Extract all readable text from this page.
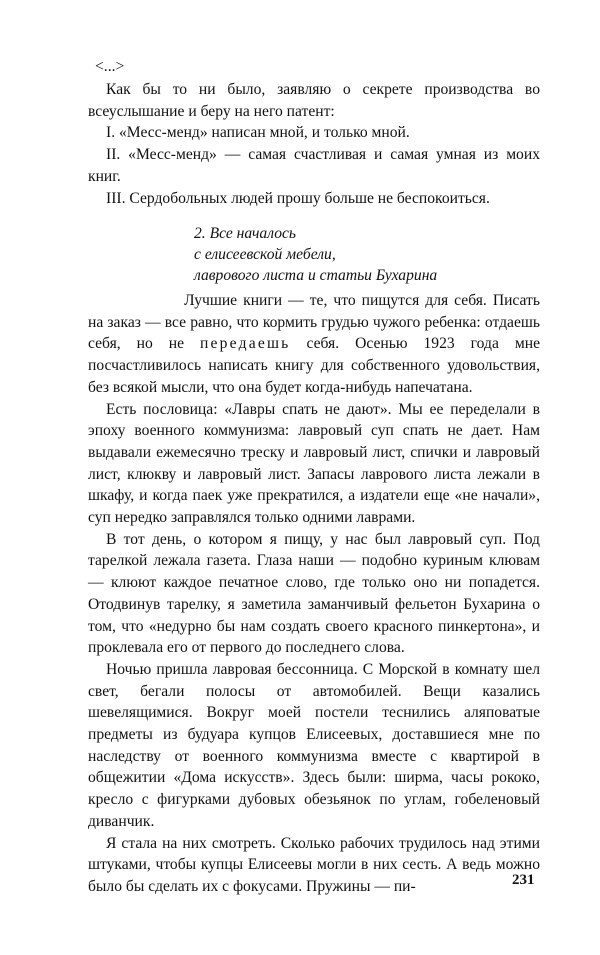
<...>

Как бы то ни было, заявляю о секрете производства во всеуслышание и беру на него патент:

I. «Месс-менд» написан мной, и только мной.

II. «Месс-менд» — самая счастливая и самая умная из моих книг.

III. Сердобольных людей прошу больше не беспокоиться.

2. Все началось
с елисеевской мебели,
лаврового листа и статьи Бухарина

Лучшие книги — те, что пищутся для себя. Писать на заказ — все равно, что кормить грудью чужого ребенка: отдаешь себя, но не передаешь себя. Осенью 1923 года мне посчастливилось написать книгу для собственного удовольствия, без всякой мысли, что она будет когда-нибудь напечатана.

Есть пословица: «Лавры спать не дают». Мы ее переделали в эпоху военного коммунизма: лавровый суп спать не дает. Нам выдавали ежемесячно треску и лавровый лист, спички и лавровый лист, клюкву и лавровый лист. Запасы лаврового листа лежали в шкафу, и когда паек уже прекратился, а издатели еще «не начали», суп нередко заправлялся только одними лаврами.

В тот день, о котором я пищу, у нас был лавровый суп. Под тарелкой лежала газета. Глаза наши — подобно куриным клювам — клюют каждое печатное слово, где только оно ни попадется. Отодвинув тарелку, я заметила заманчивый фельетон Бухарина о том, что «недурно бы нам создать своего красного пинкертона», и проклевала его от первого до последнего слова.

Ночью пришла лавровая бессонница. С Морской в комнату шел свет, бегали полосы от автомобилей. Вещи казались шевелящимися. Вокруг моей постели теснились аляповатые предметы из будуара купцов Елисеевых, доставшиеся мне по наследству от военного коммунизма вместе с квартирой в общежитии «Дома искусств». Здесь были: ширма, часы рококо, кресло с фигурками дубовых обезьянок по углам, гобеленовый диванчик.

Я стала на них смотреть. Сколько рабочих трудилось над этими штуками, чтобы купцы Елисеевы могли в них сесть. А ведь можно было бы сделать их с фокусами. Пружины — пи-	231
